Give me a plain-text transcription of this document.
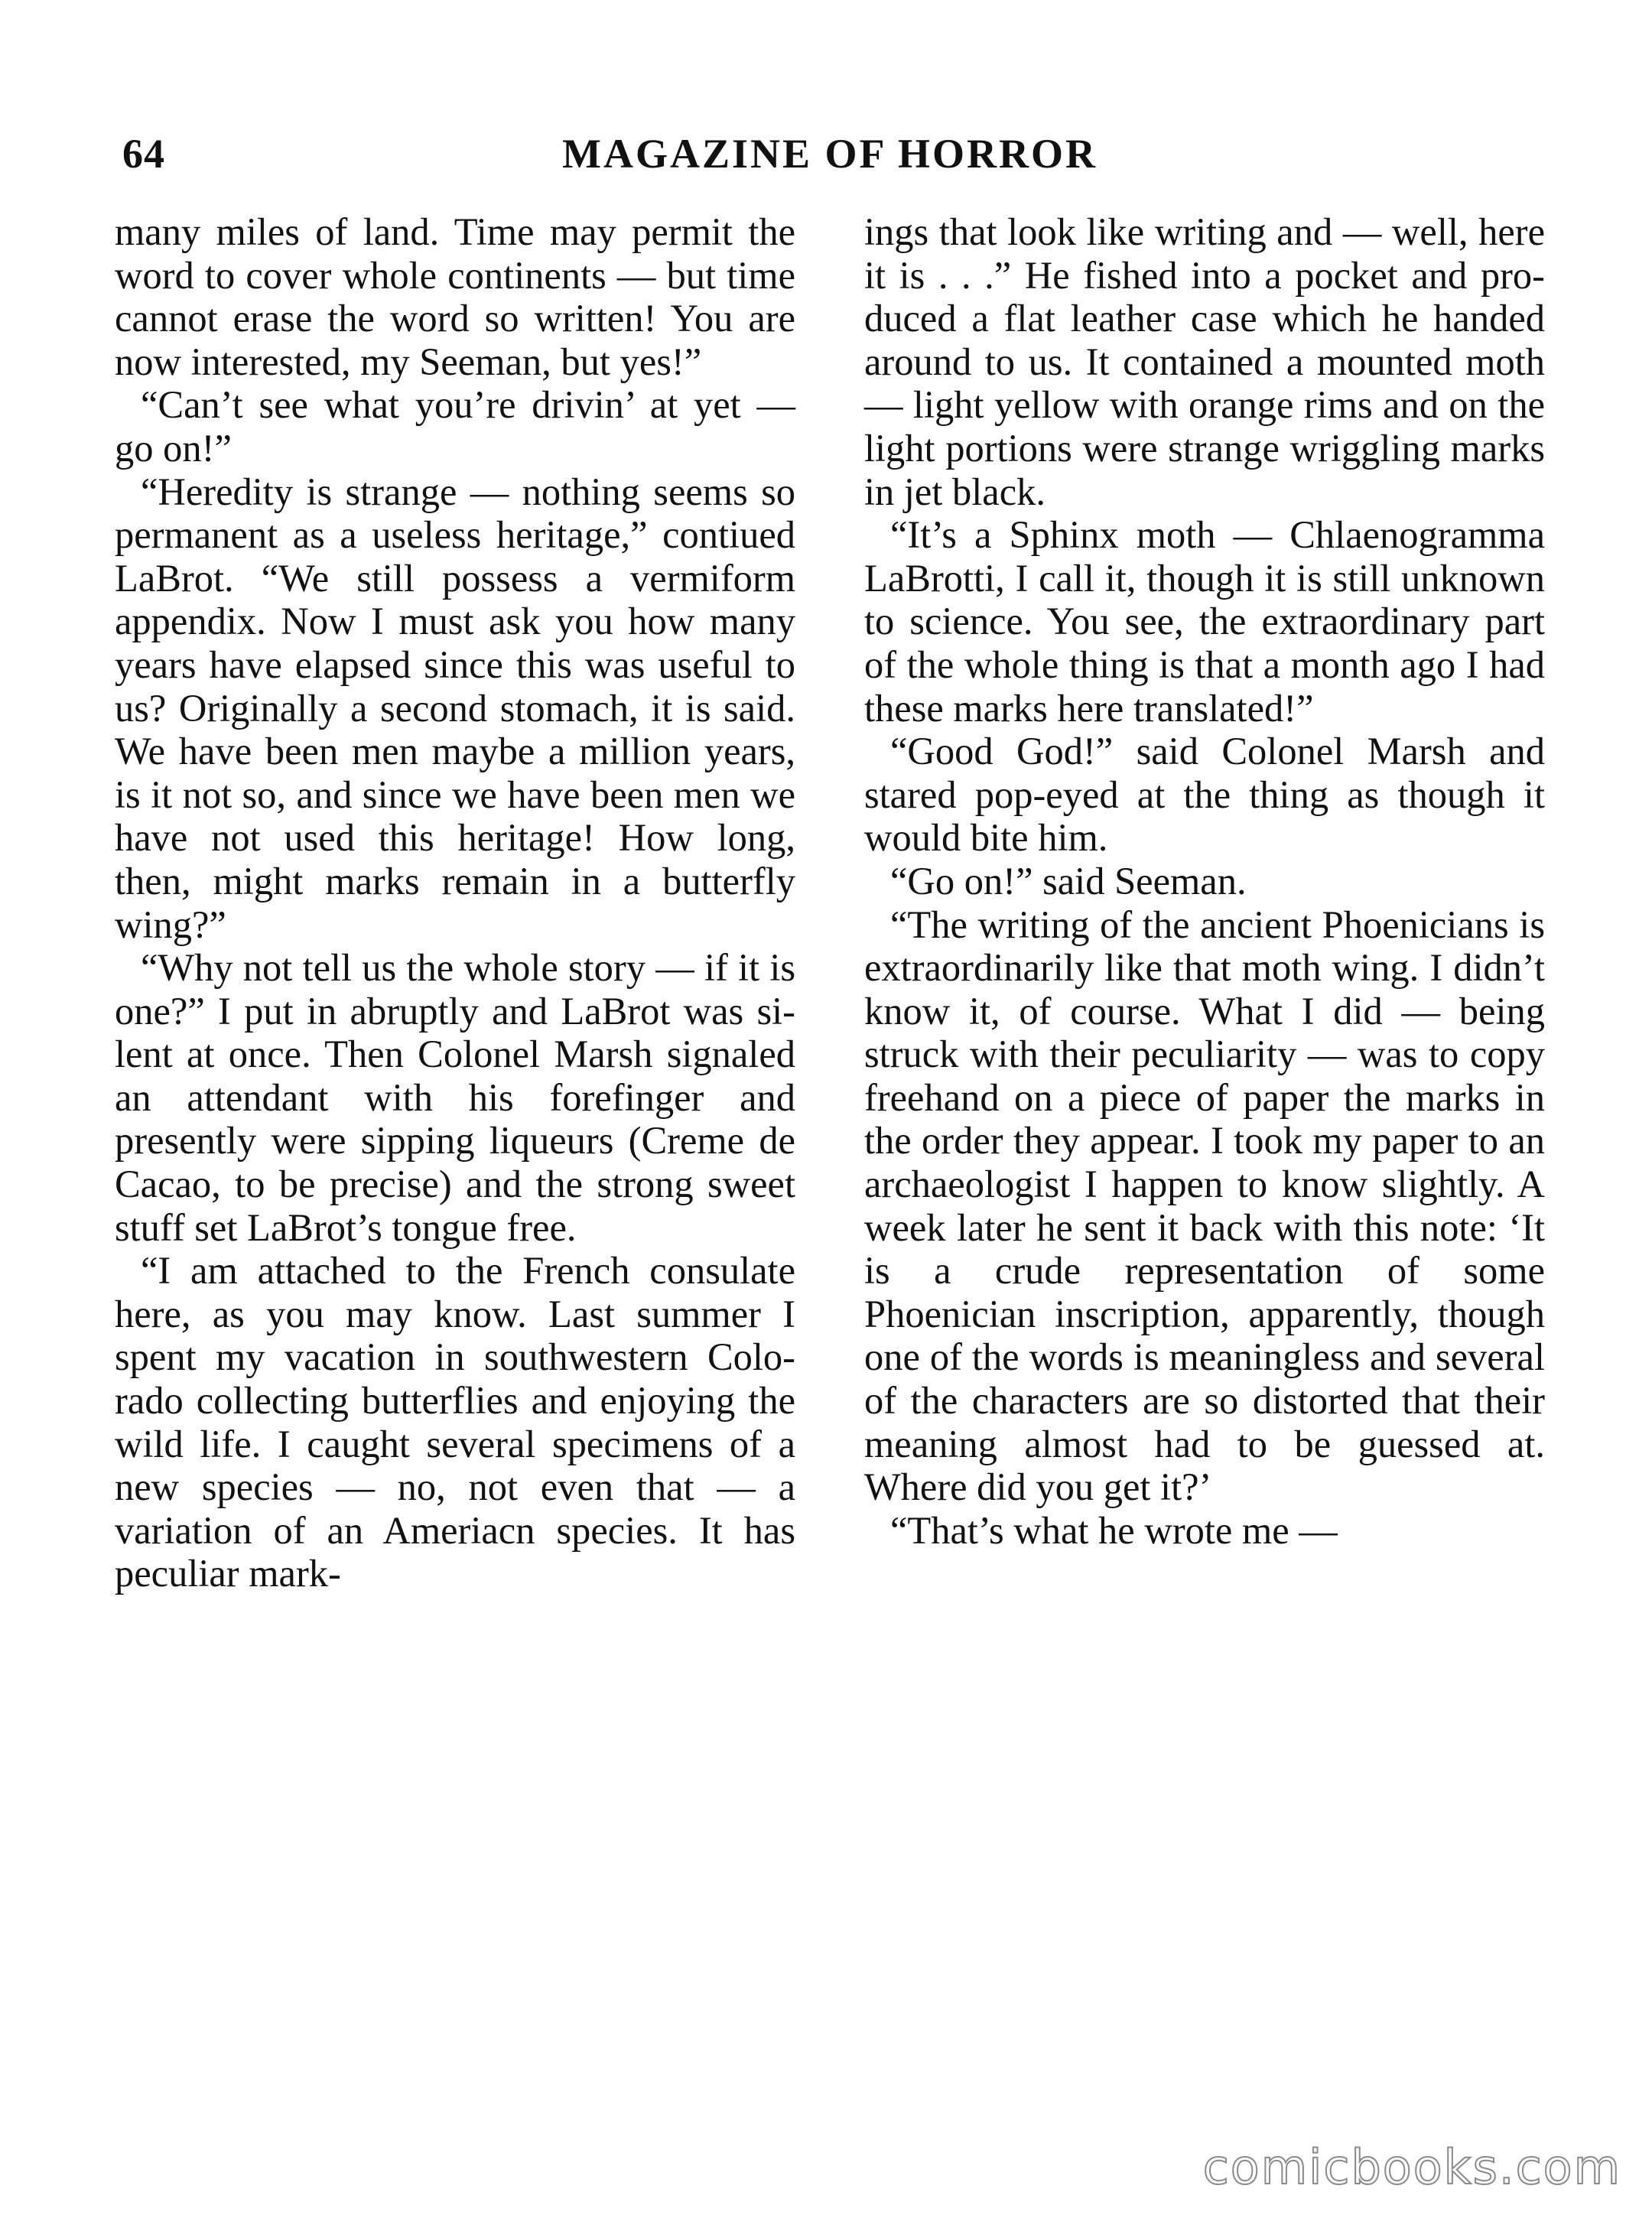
64	MAGAZINE OF HORROR

many miles of land. Time may permit the word to cover whole continents — but time cannot erase the word so written! You are now interested, my Seeman, but yes!”

“Can’t see what you’re drivin’ at yet — go on!”

“Heredity is strange — nothing seems so permanent as a useless heritage,” contiued LaBrot. “We still possess a vermiform appendix. Now I must ask you how many years have elapsed since this was useful to us? Originally a second stomach, it is said. We have been men maybe a million years, is it not so, and since we have been men we have not used this heritage! How long, then, might marks remain in a butterfly wing?”

“Why not tell us the whole story — if it is one?” I put in abruptly and LaBrot was silent at once. Then Colonel Marsh signaled an attendant with his forefinger and presently were sipping liqueurs (Creme de Cacao, to be precise) and the strong sweet stuff set LaBrot’s tongue free.

“I am attached to the French consulate here, as you may know. Last summer I spent my vacation in southwestern Colorado collecting butterflies and enjoying the wild life. I caught several specimens of a new species — no, not even that — a variation of an Ameriacn species. It has peculiar mark-

ings that look like writing and — well, here it is . . .” He fished into a pocket and produced a flat leather case which he handed around to us. It contained a mounted moth — light yellow with orange rims and on the light portions were strange wriggling marks in jet black.

“It’s a Sphinx moth — Chlaenogramma LaBrotti, I call it, though it is still unknown to science. You see, the extraordinary part of the whole thing is that a month ago I had these marks here translated!”

“Good God!” said Colonel Marsh and stared pop-eyed at the thing as though it would bite him.

“Go on!” said Seeman.

“The writing of the ancient Phoenicians is extraordinarily like that moth wing. I didn’t know it, of course. What I did — being struck with their peculiarity — was to copy freehand on a piece of paper the marks in the order they appear. I took my paper to an archaeologist I happen to know slightly. A week later he sent it back with this note: ‘It is a crude representation of some Phoenician inscription, apparently, though one of the words is meaningless and several of the characters are so distorted that their meaning almost had to be guessed at. Where did you get it?’

“That’s what he wrote me —

comicbooks.com
